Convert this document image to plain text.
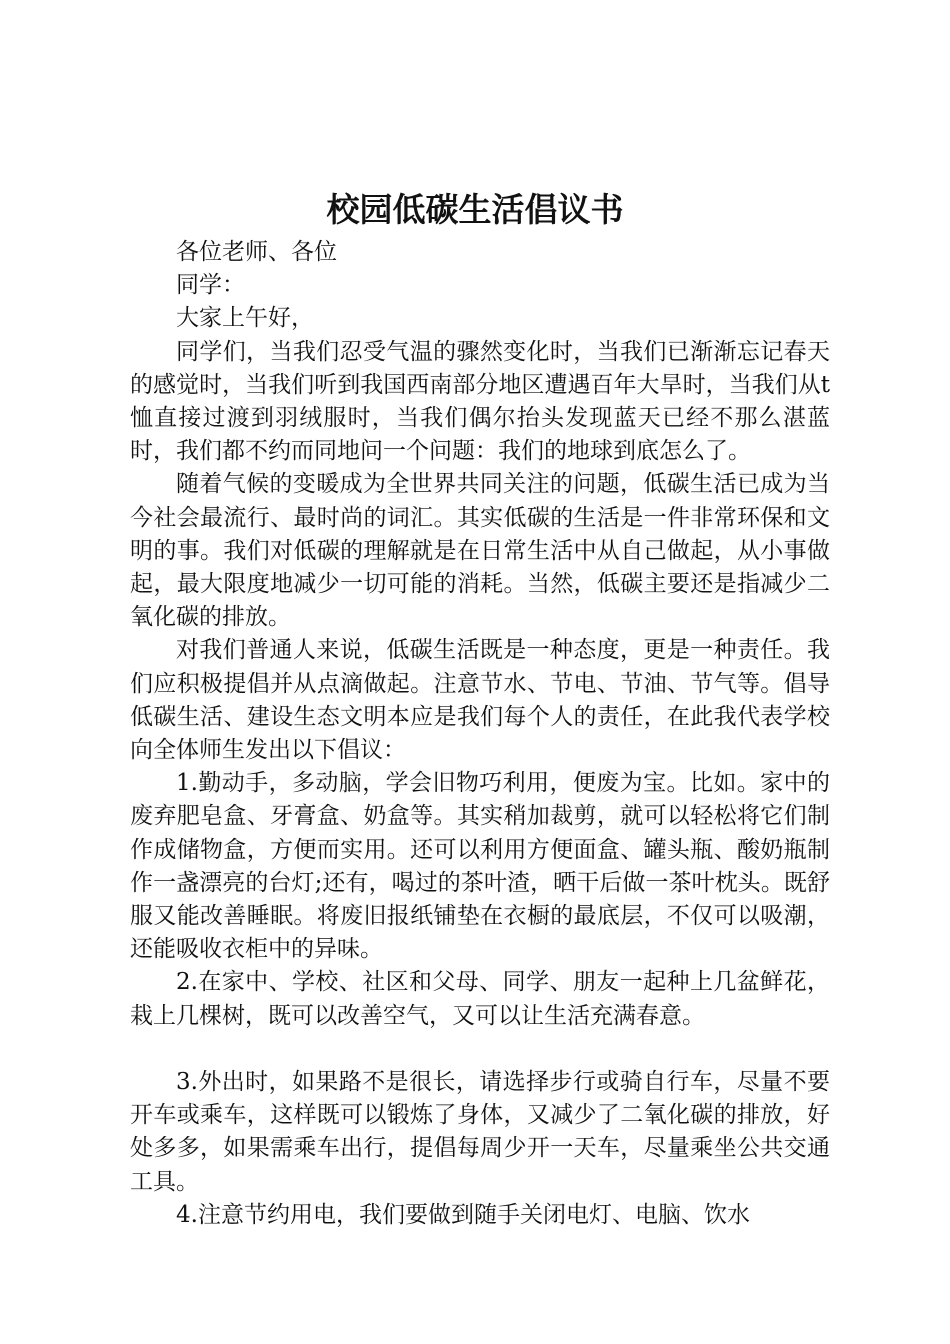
校园低碳生活倡议书

各位老师、各位

同学：

大家上午好，

同学们，当我们忍受气温的骤然变化时，当我们已渐渐忘记春天的感觉时，当我们听到我国西南部分地区遭遇百年大旱时，当我们从t恤直接过渡到羽绒服时，当我们偶尔抬头发现蓝天已经不那么湛蓝时，我们都不约而同地问一个问题：我们的地球到底怎么了。

随着气候的变暖成为全世界共同关注的问题，低碳生活已成为当今社会最流行、最时尚的词汇。其实低碳的生活是一件非常环保和文明的事。我们对低碳的理解就是在日常生活中从自己做起，从小事做起，最大限度地减少一切可能的消耗。当然，低碳主要还是指减少二氧化碳的排放。

对我们普通人来说，低碳生活既是一种态度，更是一种责任。我们应积极提倡并从点滴做起。注意节水、节电、节油、节气等。倡导低碳生活、建设生态文明本应是我们每个人的责任，在此我代表学校向全体师生发出以下倡议：

1.勤动手，多动脑，学会旧物巧利用，便废为宝。比如。家中的废弃肥皂盒、牙膏盒、奶盒等。其实稍加裁剪，就可以轻松将它们制作成储物盒，方便而实用。还可以利用方便面盒、罐头瓶、酸奶瓶制作一盏漂亮的台灯;还有，喝过的茶叶渣，晒干后做一茶叶枕头。既舒服又能改善睡眠。将废旧报纸铺垫在衣橱的最底层，不仅可以吸潮，还能吸收衣柜中的异味。

2.在家中、学校、社区和父母、同学、朋友一起种上几盆鲜花，栽上几棵树，既可以改善空气，又可以让生活充满春意。

3.外出时，如果路不是很长，请选择步行或骑自行车，尽量不要开车或乘车，这样既可以锻炼了身体，又减少了二氧化碳的排放，好处多多，如果需乘车出行，提倡每周少开一天车，尽量乘坐公共交通工具。

4.注意节约用电，我们要做到随手关闭电灯、电脑、饮水
